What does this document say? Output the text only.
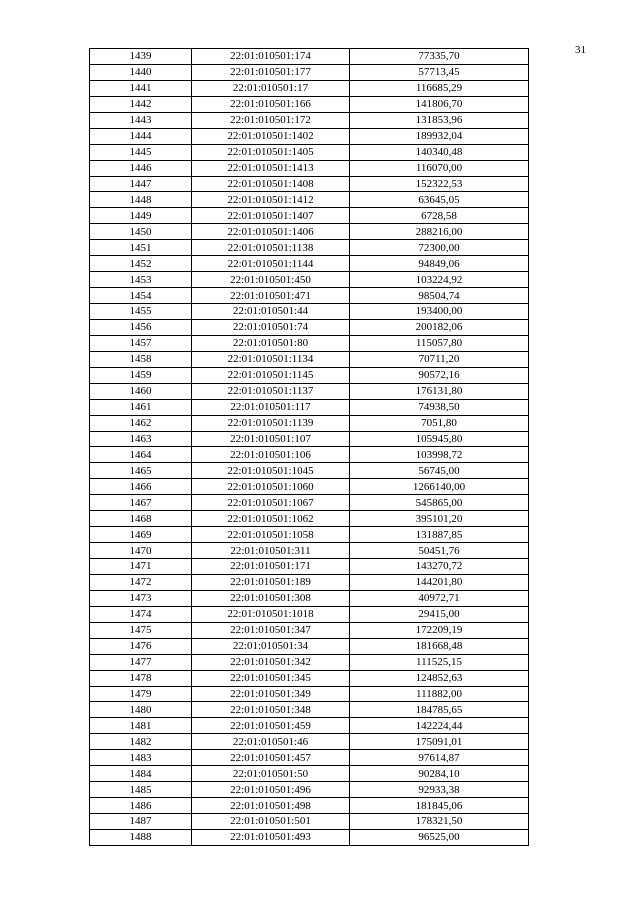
31
1439	22:01:010501:174	77335,70
1440	22:01:010501:177	57713,45
1441	22:01:010501:17	116685,29
1442	22:01:010501:166	141806,70
1443	22:01:010501:172	131853,96
1444	22:01:010501:1402	189932,04
1445	22:01:010501:1405	140340,48
1446	22:01:010501:1413	116070,00
1447	22:01:010501:1408	152322,53
1448	22:01:010501:1412	63645,05
1449	22:01:010501:1407	6728,58
1450	22:01:010501:1406	288216,00
1451	22:01:010501:1138	72300,00
1452	22:01:010501:1144	94849,06
1453	22:01:010501:450	103224,92
1454	22:01:010501:471	98504,74
1455	22:01:010501:44	193400,00
1456	22:01:010501:74	200182,06
1457	22:01:010501:80	115057,80
1458	22:01:010501:1134	70711,20
1459	22:01:010501:1145	90572,16
1460	22:01:010501:1137	176131,80
1461	22:01:010501:117	74938,50
1462	22:01:010501:1139	7051,80
1463	22:01:010501:107	105945,80
1464	22:01:010501:106	103998,72
1465	22:01:010501:1045	56745,00
1466	22:01:010501:1060	1266140,00
1467	22:01:010501:1067	545865,00
1468	22:01:010501:1062	395101,20
1469	22:01:010501:1058	131887,85
1470	22:01:010501:311	50451,76
1471	22:01:010501:171	143270,72
1472	22:01:010501:189	144201,80
1473	22:01:010501:308	40972,71
1474	22:01:010501:1018	29415,00
1475	22:01:010501:347	172209,19
1476	22:01:010501:34	181668,48
1477	22:01:010501:342	111525,15
1478	22:01:010501:345	124852,63
1479	22:01:010501:349	111882,00
1480	22:01:010501:348	184785,65
1481	22:01:010501:459	142224,44
1482	22:01:010501:46	175091,01
1483	22:01:010501:457	97614,87
1484	22:01:010501:50	90284,10
1485	22:01:010501:496	92933,38
1486	22:01:010501:498	181845,06
1487	22:01:010501:501	178321,50
1488	22:01:010501:493	96525,00
